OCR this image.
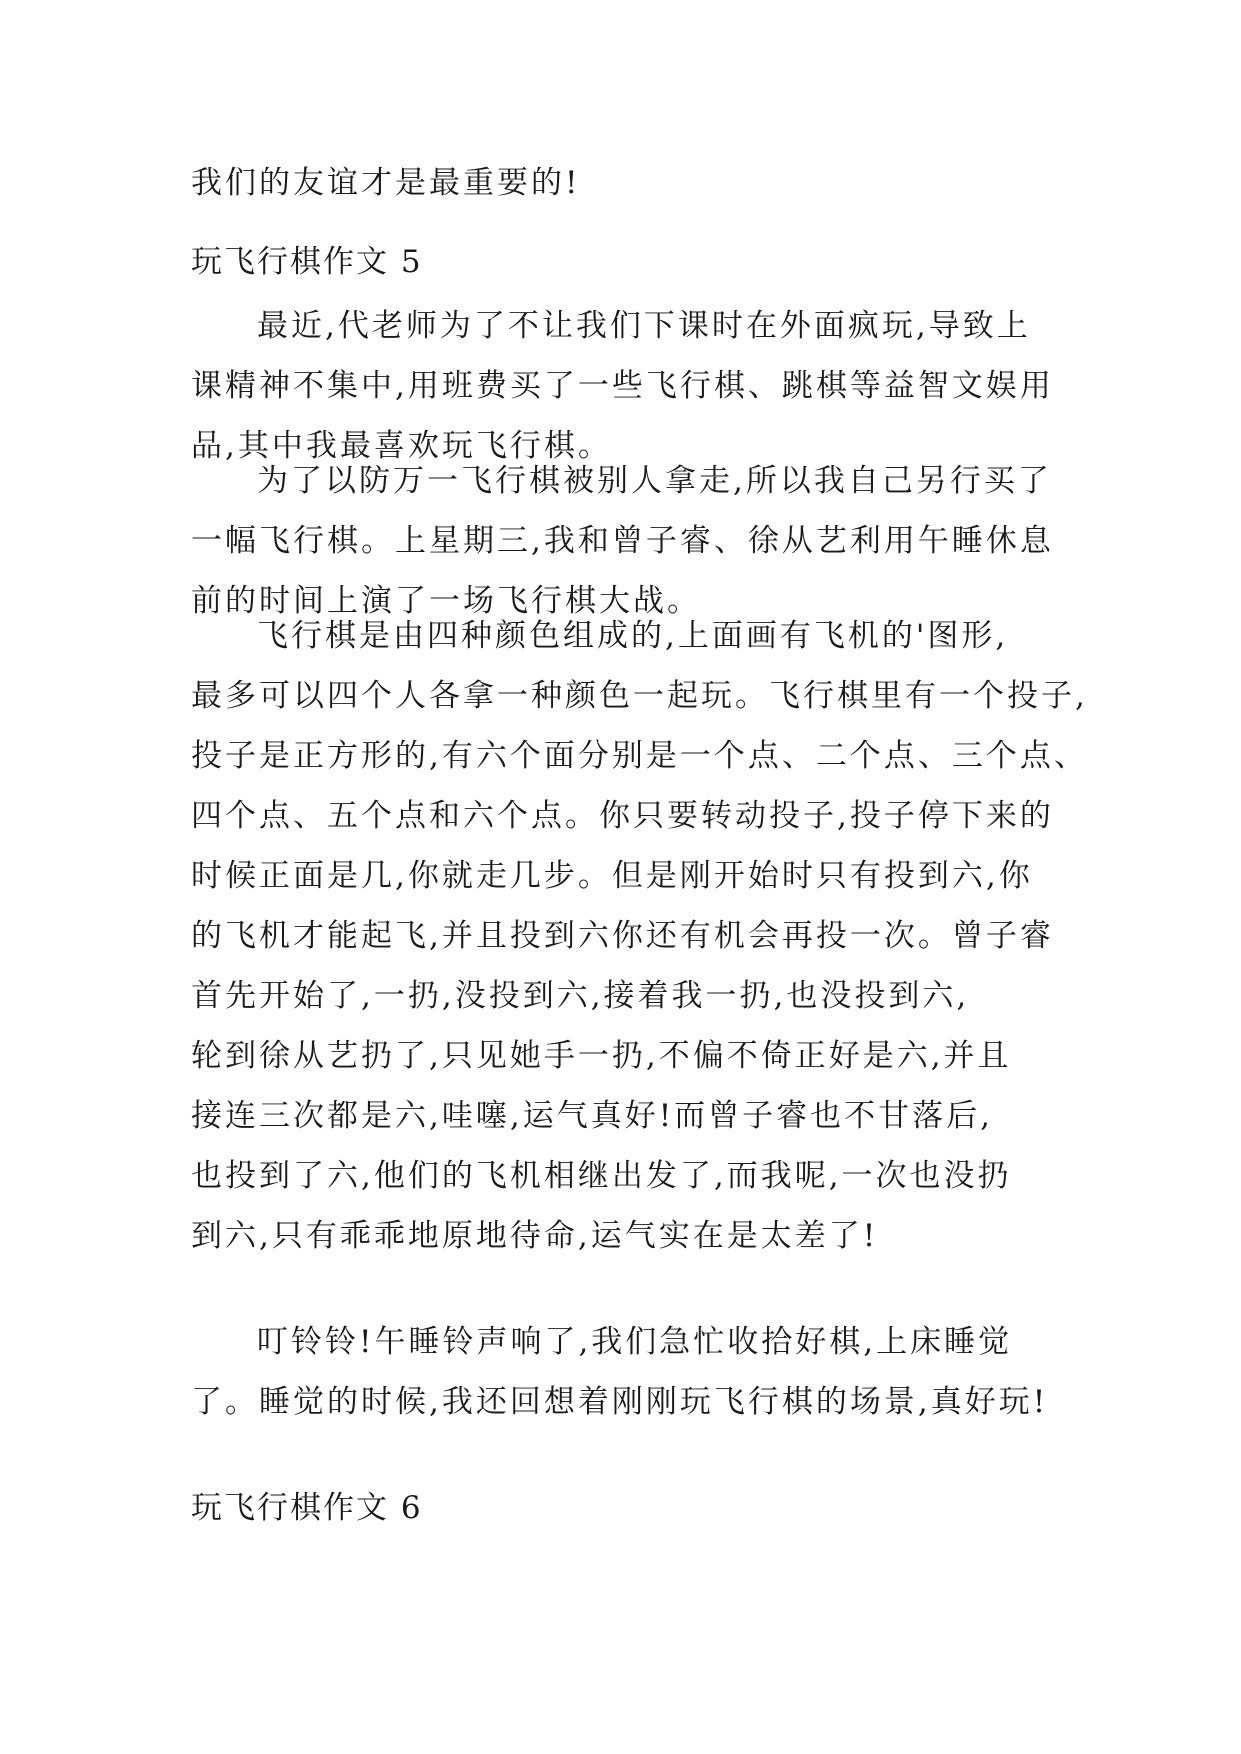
我们的友谊才是最重要的!
玩飞行棋作文 5
最近,代老师为了不让我们下课时在外面疯玩,导致上
课精神不集中,用班费买了一些飞行棋、跳棋等益智文娱用
品,其中我最喜欢玩飞行棋。
为了以防万一飞行棋被别人拿走,所以我自己另行买了
一幅飞行棋。上星期三,我和曾子睿、徐从艺利用午睡休息
前的时间上演了一场飞行棋大战。
飞行棋是由四种颜色组成的,上面画有飞机的'图形,
最多可以四个人各拿一种颜色一起玩。飞行棋里有一个投子,
投子是正方形的,有六个面分别是一个点、二个点、三个点、
四个点、五个点和六个点。你只要转动投子,投子停下来的
时候正面是几,你就走几步。但是刚开始时只有投到六,你
的飞机才能起飞,并且投到六你还有机会再投一次。曾子睿
首先开始了,一扔,没投到六,接着我一扔,也没投到六,
轮到徐从艺扔了,只见她手一扔,不偏不倚正好是六,并且
接连三次都是六,哇噻,运气真好!而曾子睿也不甘落后,
也投到了六,他们的飞机相继出发了,而我呢,一次也没扔
到六,只有乖乖地原地待命,运气实在是太差了!
叮铃铃!午睡铃声响了,我们急忙收拾好棋,上床睡觉
了。睡觉的时候,我还回想着刚刚玩飞行棋的场景,真好玩!
玩飞行棋作文 6
